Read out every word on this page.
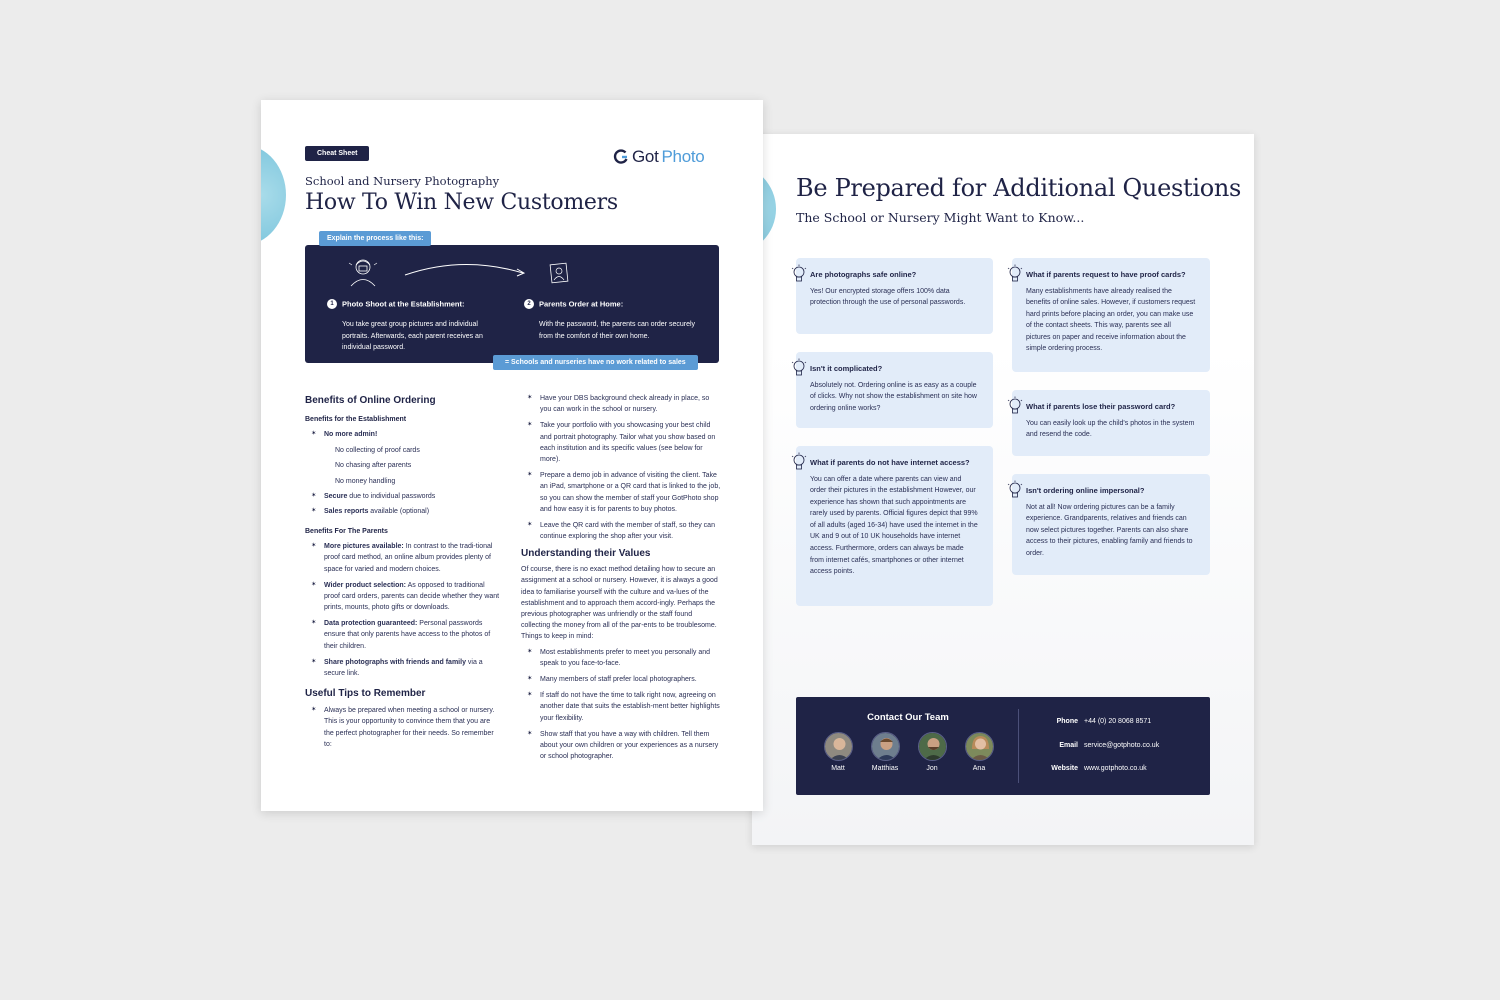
Be Prepared for Additional Questions
The School or Nursery Might Want to Know...
Are photographs safe online?

Yes! Our encrypted storage offers 100% data protection through the use of personal passwords.

Isn't it complicated?

Absolutely not. Ordering online is as easy as a couple of clicks. Why not show the establishment on site how ordering online works?

What if parents do not have internet access?

You can offer a date where parents can view and order their pictures in the establishment However, our experience has shown that such appointments are rarely used by parents. Official figures depict that 99% of all adults (aged 16-34) have used the internet in the UK and 9 out of 10 UK households have internet access. Furthermore, orders can always be made from internet cafés, smartphones or other internet access points.

What if parents request to have proof cards?

Many establishments have already realised the benefits of online sales. However, if customers request hard prints before placing an order, you can make use of the contact sheets. This way, parents see all pictures on paper and receive information about the simple ordering process.

What if parents lose their password card?

You can easily look up the child's photos in the system and resend the code.

Isn't ordering online impersonal?

Not at all! Now ordering pictures can be a family experience. Grandparents, relatives and friends can now select pictures together. Parents can also share access to their pictures, enabling family and friends to order.

Contact Our Team
Matt	Matthias	Jon	Ana
Phone +44 (0) 20 8068 8571
Email service@gotphoto.co.uk
Website www.gotphoto.co.uk
Cheat Sheet	Got Photo
School and Nursery Photography
How To Win New Customers
1 Photo Shoot at the Establishment:
You take great group pictures and individual portraits. Afterwards, each parent receives an individual password.
2 Parents Order at Home:
With the password, the parents can order securely from the comfort of their own home.
Explain the process like this:
= Schools and nurseries have no work related to sales
Benefits of Online Ordering
Benefits for the Establishment
✶ No more admin!
No collecting of proof cards
No chasing after parents
No money handling
✶ Secure due to individual passwords
✶ Sales reports available (optional)
Benefits For The Parents
✶ More pictures available: In contrast to the tradi-tional proof card method, an online album provides plenty of space for varied and modern choices.
✶ Wider product selection: As opposed to traditional proof card orders, parents can decide whether they want prints, mounts, photo gifts or downloads.
✶ Data protection guaranteed: Personal passwords ensure that only parents have access to the photos of their children.
✶ Share photographs with friends and family via a secure link.
Useful Tips to Remember
✶ Always be prepared when meeting a school or nursery. This is your opportunity to convince them that you are the perfect photographer for their needs. So remember to:
✶ Have your DBS background check already in place, so you can work in the school or nursery.
✶ Take your portfolio with you showcasing your best child and portrait photography. Tailor what you show based on each institution and its specific values (see below for more).
✶ Prepare a demo job in advance of visiting the client. Take an iPad, smartphone or a QR card that is linked to the job, so you can show the member of staff your GotPhoto shop and how easy it is for parents to buy photos.
✶ Leave the QR card with the member of staff, so they can continue exploring the shop after your visit.
Understanding their Values
Of course, there is no exact method detailing how to secure an assignment at a school or nursery. However, it is always a good idea to familiarise yourself with the culture and va-lues of the establishment and to approach them accord-ingly. Perhaps the previous photographer was unfriendly or the staff found collecting the money from all of the par-ents to be troublesome. Things to keep in mind:
✶ Most establishments prefer to meet you personally and speak to you face-to-face.
✶ Many members of staff prefer local photographers.
✶ If staff do not have the time to talk right now, agreeing on another date that suits the establish-ment better highlights your flexibility.
✶ Show staff that you have a way with children. Tell them about your own children or your experiences as a nursery or school photographer.
